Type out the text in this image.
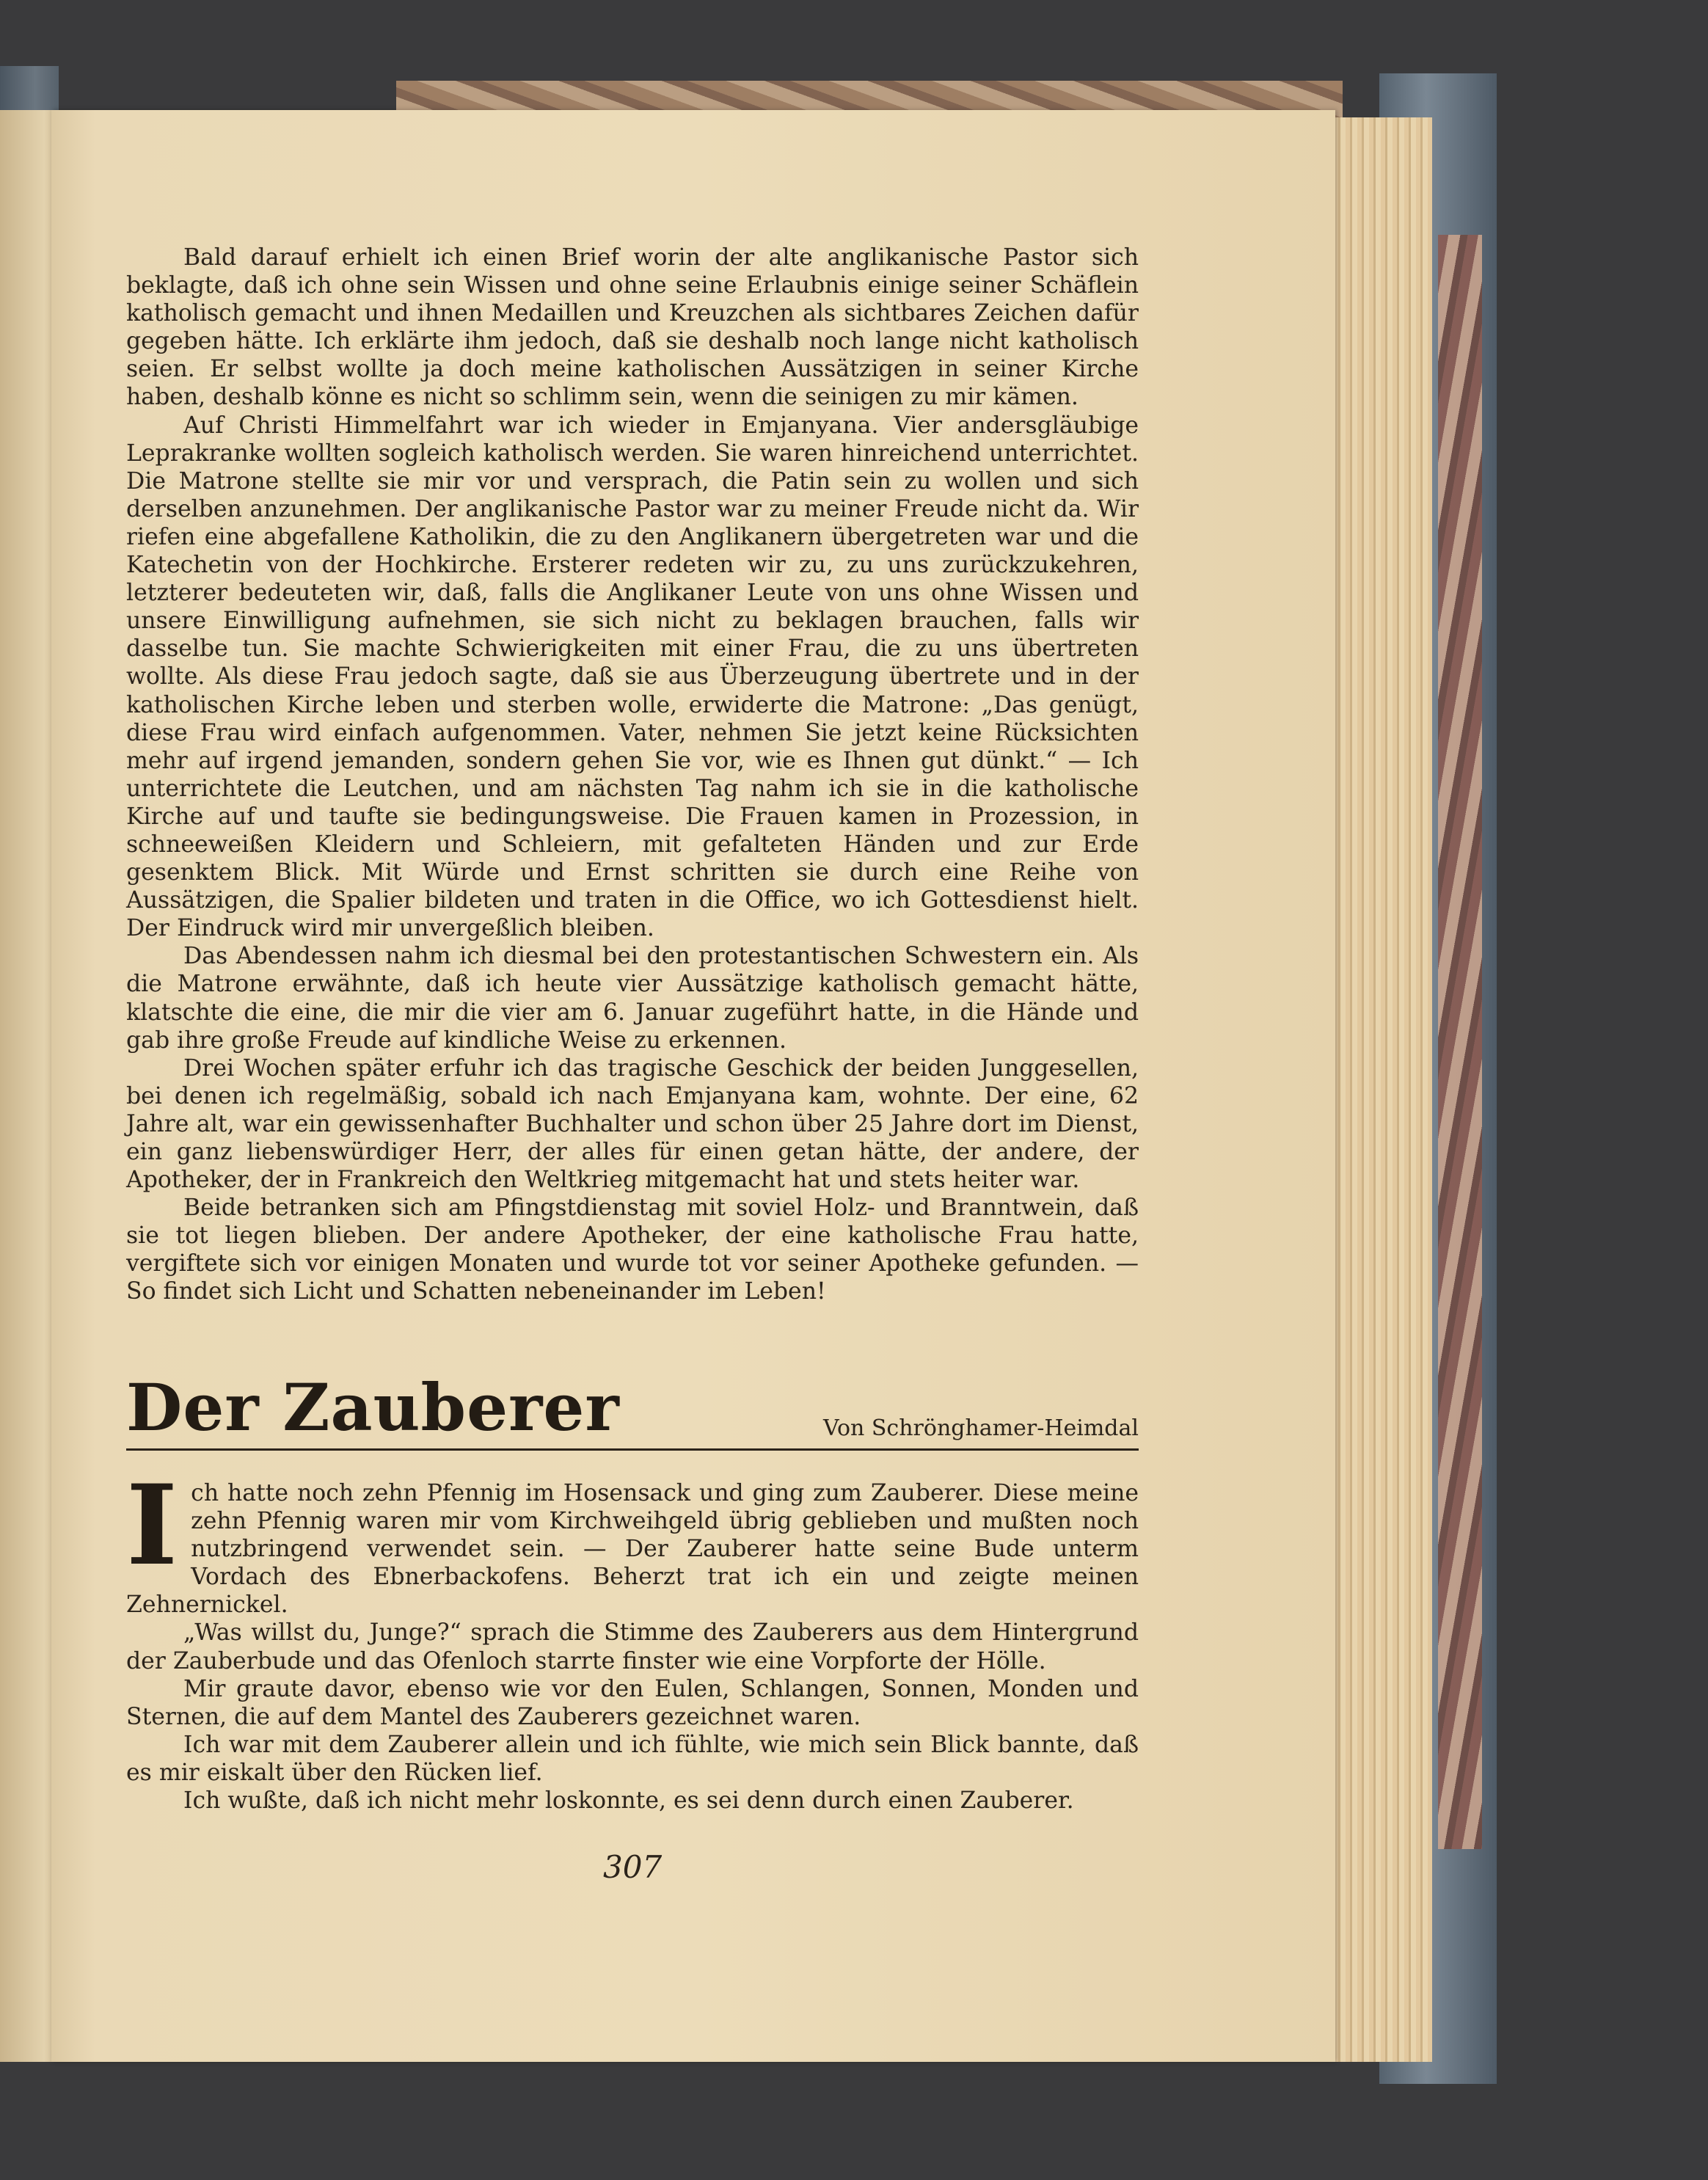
Bald darauf erhielt ich einen Brief worin der alte anglikanische Pastor sich beklagte, daß ich ohne sein Wissen und ohne seine Erlaubnis einige seiner Schäflein katholisch gemacht und ihnen Medaillen und Kreuzchen als sichtbares Zeichen dafür gegeben hätte. Ich erklärte ihm jedoch, daß sie deshalb noch lange nicht katholisch seien. Er selbst wollte ja doch meine katholischen Aussätzigen in seiner Kirche haben, deshalb könne es nicht so schlimm sein, wenn die seinigen zu mir kämen.

Auf Christi Himmelfahrt war ich wieder in Emjanyana. Vier andersgläubige Leprakranke wollten sogleich katholisch werden. Sie waren hinreichend unterrichtet. Die Matrone stellte sie mir vor und versprach, die Patin sein zu wollen und sich derselben anzunehmen. Der anglikanische Pastor war zu meiner Freude nicht da. Wir riefen eine abgefallene Katholikin, die zu den Anglikanern übergetreten war und die Katechetin von der Hochkirche. Ersterer redeten wir zu, zu uns zurückzukehren, letzterer bedeuteten wir, daß, falls die Anglikaner Leute von uns ohne Wissen und unsere Einwilligung aufnehmen, sie sich nicht zu beklagen brauchen, falls wir dasselbe tun. Sie machte Schwierigkeiten mit einer Frau, die zu uns übertreten wollte. Als diese Frau jedoch sagte, daß sie aus Überzeugung übertrete und in der katholischen Kirche leben und sterben wolle, erwiderte die Matrone: „Das genügt, diese Frau wird einfach aufgenommen. Vater, nehmen Sie jetzt keine Rücksichten mehr auf irgend jemanden, sondern gehen Sie vor, wie es Ihnen gut dünkt.“ — Ich unterrichtete die Leutchen, und am nächsten Tag nahm ich sie in die katholische Kirche auf und taufte sie bedingungsweise. Die Frauen kamen in Prozession, in schneeweißen Kleidern und Schleiern, mit gefalteten Händen und zur Erde gesenktem Blick. Mit Würde und Ernst schritten sie durch eine Reihe von Aussätzigen, die Spalier bildeten und traten in die Office, wo ich Gottesdienst hielt. Der Eindruck wird mir unvergeßlich bleiben.

Das Abendessen nahm ich diesmal bei den protestantischen Schwestern ein. Als die Matrone erwähnte, daß ich heute vier Aussätzige katholisch gemacht hätte, klatschte die eine, die mir die vier am 6. Januar zugeführt hatte, in die Hände und gab ihre große Freude auf kindliche Weise zu erkennen.

Drei Wochen später erfuhr ich das tragische Geschick der beiden Junggesellen, bei denen ich regelmäßig, sobald ich nach Emjanyana kam, wohnte. Der eine, 62 Jahre alt, war ein gewissenhafter Buchhalter und schon über 25 Jahre dort im Dienst, ein ganz liebenswürdiger Herr, der alles für einen getan hätte, der andere, der Apotheker, der in Frankreich den Weltkrieg mitgemacht hat und stets heiter war.

Beide betranken sich am Pfingstdienstag mit soviel Holz- und Branntwein, daß sie tot liegen blieben. Der andere Apotheker, der eine katholische Frau hatte, vergiftete sich vor einigen Monaten und wurde tot vor seiner Apotheke gefunden. — So findet sich Licht und Schatten nebeneinander im Leben!

Der Zauberer	Von Schrönghamer-Heimdal

Ich hatte noch zehn Pfennig im Hosensack und ging zum Zauberer. Diese meine zehn Pfennig waren mir vom Kirchweihgeld übrig geblieben und mußten noch nutzbringend verwendet sein. — Der Zauberer hatte seine Bude unterm Vordach des Ebnerbackofens. Beherzt trat ich ein und zeigte meinen Zehnernickel.

„Was willst du, Junge?“ sprach die Stimme des Zauberers aus dem Hintergrund der Zauberbude und das Ofenloch starrte finster wie eine Vorpforte der Hölle.

Mir graute davor, ebenso wie vor den Eulen, Schlangen, Sonnen, Monden und Sternen, die auf dem Mantel des Zauberers gezeichnet waren.

Ich war mit dem Zauberer allein und ich fühlte, wie mich sein Blick bannte, daß es mir eiskalt über den Rücken lief.

Ich wußte, daß ich nicht mehr loskonnte, es sei denn durch einen Zauberer.

307
